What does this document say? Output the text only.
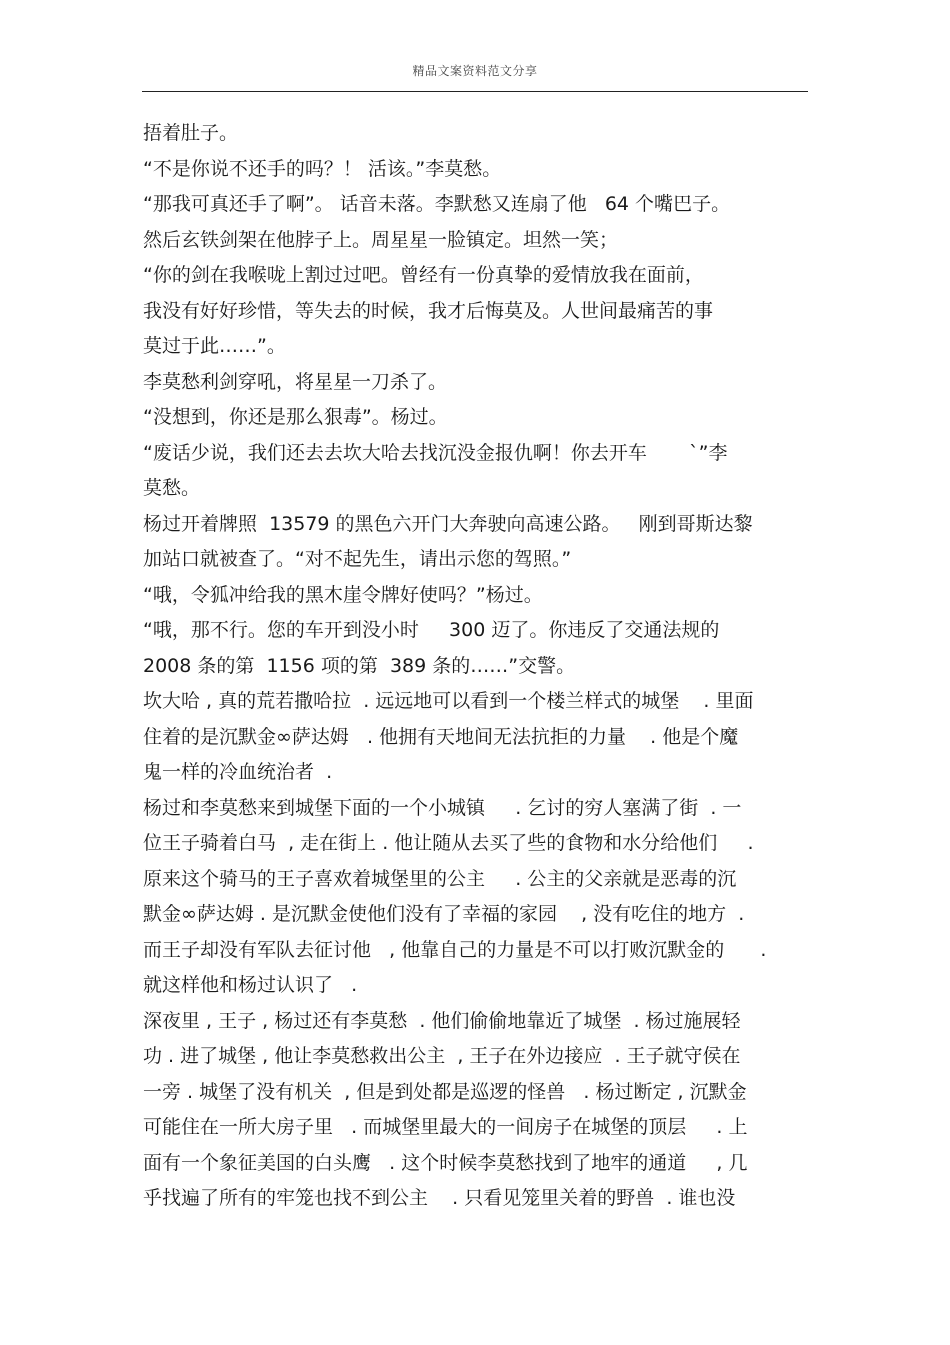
精品文案资料范文分享
捂着肚子。
“不是你说不还手的吗？！ 活该。”李莫愁。
“那我可真还手了啊”。 话音未落。李默愁又连扇了他   64 个嘴巴子。
然后玄铁剑架在他脖子上。周星星一脸镇定。坦然一笑；
“你的剑在我喉咙上割过过吧。曾经有一份真挚的爱情放我在面前，
我没有好好珍惜，等失去的时候，我才后悔莫及。人世间最痛苦的事
莫过于此……”。
李莫愁利剑穿吼，将星星一刀杀了。
“没想到，你还是那么狠毒”。杨过。
“废话少说，我们还去去坎大哈去找沉没金报仇啊！你去开车       `”李
莫愁。
杨过开着牌照  13579 的黑色六开门大奔驶向高速公路。   刚到哥斯达黎
加站口就被查了。“对不起先生，请出示您的驾照。”
“哦，令狐冲给我的黑木崖令牌好使吗？”杨过。
“哦，那不行。您的车开到没小时     300 迈了。你违反了交通法规的
2008 条的第  1156 项的第  389 条的……”交警。
坎大哈 , 真的荒若撒哈拉  . 远远地可以看到一个楼兰样式的城堡    . 里面
住着的是沉默金∞萨达姆   . 他拥有天地间无法抗拒的力量    . 他是个魔
鬼一样的冷血统治者  .
杨过和李莫愁来到城堡下面的一个小城镇     . 乞讨的穷人塞满了街  . 一
位王子骑着白马  , 走在街上 . 他让随从去买了些的食物和水分给他们     .
原来这个骑马的王子喜欢着城堡里的公主     . 公主的父亲就是恶毒的沉
默金∞萨达姆 . 是沉默金使他们没有了幸福的家园    , 没有吃住的地方  .
而王子却没有军队去征讨他   , 他靠自己的力量是不可以打败沉默金的      .
就这样他和杨过认识了   .
深夜里 , 王子 , 杨过还有李莫愁  . 他们偷偷地靠近了城堡  . 杨过施展轻
功 . 进了城堡 , 他让李莫愁救出公主  , 王子在外边接应  . 王子就守侯在
一旁 . 城堡了没有机关  , 但是到处都是巡逻的怪兽   . 杨过断定 , 沉默金
可能住在一所大房子里   . 而城堡里最大的一间房子在城堡的顶层     . 上
面有一个象征美国的白头鹰   . 这个时候李莫愁找到了地牢的通道     , 几
乎找遍了所有的牢笼也找不到公主    . 只看见笼里关着的野兽  . 谁也没
